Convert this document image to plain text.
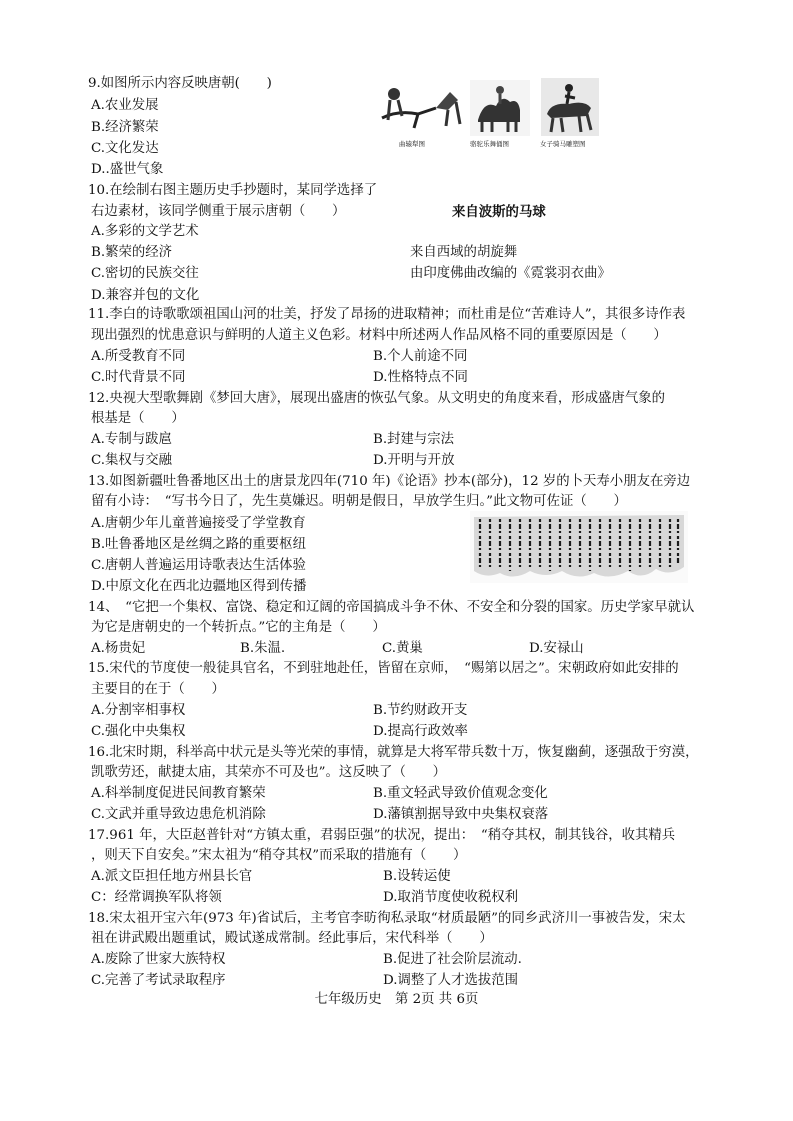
9.如图所示内容反映唐朝(　　)
A.农业发展
B.经济繁荣
C.文化发达
D..盛世气象
曲辕犁图	骆驼乐舞俑图	女子骑马雕塑图
10.在绘制右图主题历史手抄题时，某同学选择了
右边素材，该同学侧重于展示唐朝（　　）	来自波斯的马球
A.多彩的文学艺术
B.繁荣的经济	来自西域的胡旋舞
C.密切的民族交往	由印度佛曲改编的《霓裳羽衣曲》
D.兼容并包的文化
11.李白的诗歌歌颂祖国山河的壮美，抒发了昂扬的进取精神；而杜甫是位“苦难诗人”，其很多诗作表
现出强烈的忧患意识与鲜明的人道主义色彩。材料中所述两人作品风格不同的重要原因是（　　）
A.所受教育不同	B.个人前途不同
C.时代背景不同	D.性格特点不同
12.央视大型歌舞剧《梦回大唐》，展现出盛唐的恢弘气象。从文明史的角度来看，形成盛唐气象的
根基是（　　）
A.专制与跋扈	B.封建与宗法
C.集权与交融	D.开明与开放
13.如图新疆吐鲁番地区出土的唐景龙四年(710 年)《论语》抄本(部分)，12 岁的卜天寿小朋友在旁边
留有小诗：　“写书今日了，先生莫嫌迟。明朝是假日，早放学生归。”此文物可佐证（　　）
A.唐朝少年儿童普遍接受了学堂教育
B.吐鲁番地区是丝绸之路的重要枢纽
C.唐朝人普遍运用诗歌表达生活体验
D.中原文化在西北边疆地区得到传播
14、　“它把一个集权、富饶、稳定和辽阔的帝国搞成斗争不休、不安全和分裂的国家。历史学家早就认
为它是唐朝史的一个转折点。”它的主角是（　　）
A.杨贵妃	B.朱温.	C.黄巢	D.安禄山
15.宋代的节度使一般徒具官名，不到驻地赴任，皆留在京师，　“赐第以居之”。宋朝政府如此安排的
主要目的在于（　　）
A.分割宰相事权	B.节约财政开支
C.强化中央集权	D.提高行政效率
16.北宋时期，科举高中状元是头等光荣的事情，就算是大将军带兵数十万，恢复幽蓟，逐强敌于穷漠，
凯歌劳还，献捷太庙，其荣亦不可及也”。这反映了（　　）
A.科举制度促进民间教育繁荣	B.重文轻武导致价值观念变化
C.文武并重导致边患危机消除	D.藩镇割据导致中央集权衰落
17.961 年，大臣赵普针对“方镇太重，君弱臣强”的状况，提出：　“稍夺其权，制其钱谷，收其精兵
，则天下自安矣。”宋太祖为“稍夺其权”而采取的措施有（　　）
A.派文臣担任地方州县长官	B.设转运使
C：经常调换军队将领	D.取消节度使收税权利
18.宋太祖开宝六年(973 年)省试后，主考官李昉徇私录取“材质最陋”的同乡武济川一事被告发，宋太
祖在讲武殿出题重试，殿试遂成常制。经此事后，宋代科举（　　）
A.废除了世家大族特权	B.促进了社会阶层流动.
C.完善了考试录取程序	D.调整了人才选拔范围
七年级历史　第 2页 共 6页
